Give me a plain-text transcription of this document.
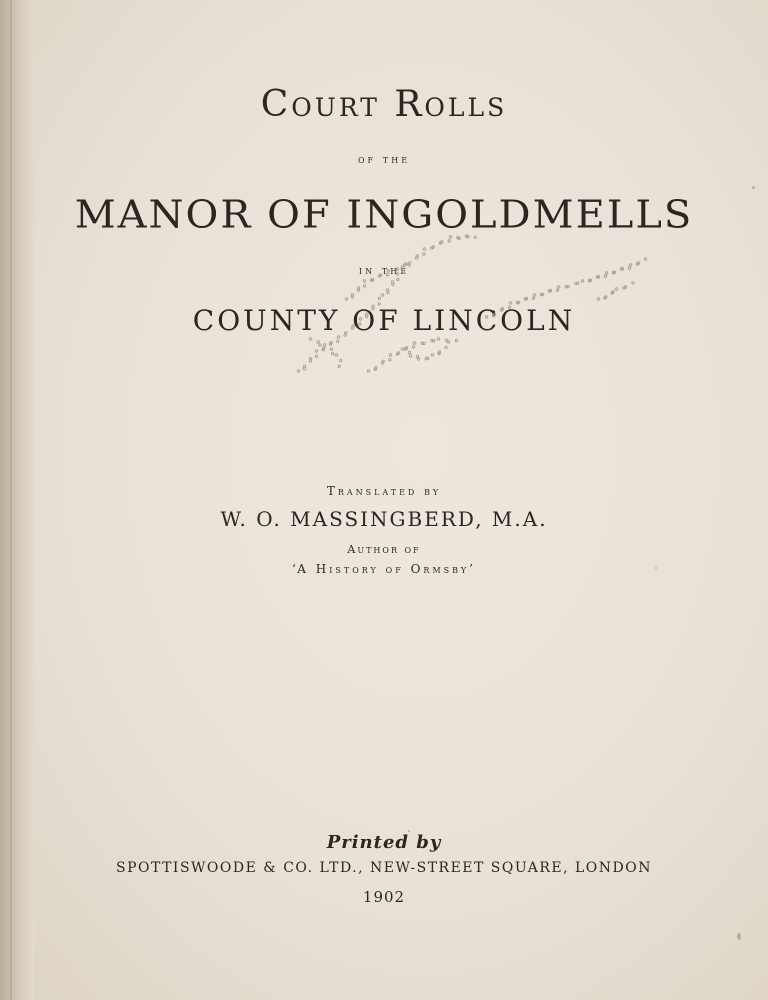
Court Rolls
of the
MANOR OF INGOLDMELLS
in the
COUNTY OF LINCOLN
Translated by
W. O. MASSINGBERD, M.A.
Author of
‘A History of Ormsby’
Printed by
SPOTTISWOODE & CO. LTD., NEW-STREET SQUARE, LONDON
1902
